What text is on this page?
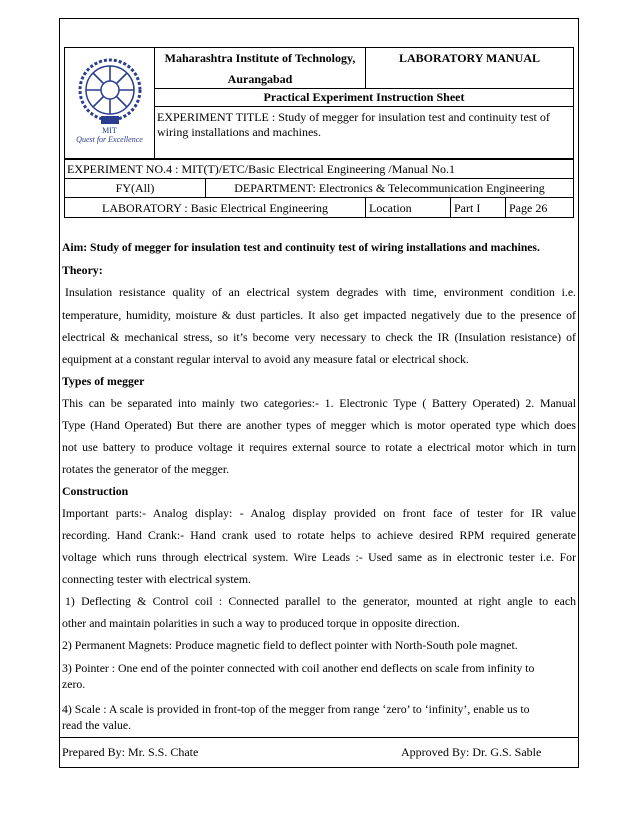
MIT
Quest for Excellence
Maharashtra Institute of Technology,
Aurangabad
LABORATORY MANUAL
Practical Experiment Instruction Sheet
EXPERIMENT TITLE : Study of megger for insulation test and continuity test of
wiring installations and machines.
EXPERIMENT NO.4 : MIT(T)/ETC/Basic Electrical Engineering /Manual No.1
FY(All)	DEPARTMENT: Electronics & Telecommunication Engineering
LABORATORY : Basic Electrical Engineering	Location	Part I	Page 26
Aim: Study of megger for insulation test and continuity test of wiring installations and machines.
Theory:
Insulation resistance quality of an electrical system degrades with time, environment condition i.e.
temperature, humidity, moisture & dust particles. It also get impacted negatively due to the presence of
electrical & mechanical stress, so it’s become very necessary to check the IR (Insulation resistance) of
equipment at a constant regular interval to avoid any measure fatal or electrical shock.
Types of megger
This can be separated into mainly two categories:- 1. Electronic Type ( Battery Operated) 2. Manual
Type (Hand Operated) But there are another types of megger which is motor operated type which does
not use battery to produce voltage it requires external source to rotate a electrical motor which in turn
rotates the generator of the megger.
Construction
Important parts:- Analog display: - Analog display provided on front face of tester for IR value
recording. Hand Crank:- Hand crank used to rotate helps to achieve desired RPM required generate
voltage which runs through electrical system. Wire Leads :- Used same as in electronic tester i.e. For
connecting tester with electrical system.
1) Deflecting & Control coil : Connected parallel to the generator, mounted at right angle to each
other and maintain polarities in such a way to produced torque in opposite direction.
2) Permanent Magnets: Produce magnetic field to deflect pointer with North-South pole magnet.
3) Pointer : One end of the pointer connected with coil another end deflects on scale from infinity to
zero.
4) Scale : A scale is provided in front-top of the megger from range ‘zero’ to ‘infinity’, enable us to
read the value.
Prepared By: Mr. S.S. Chate	Approved By: Dr. G.S. Sable
